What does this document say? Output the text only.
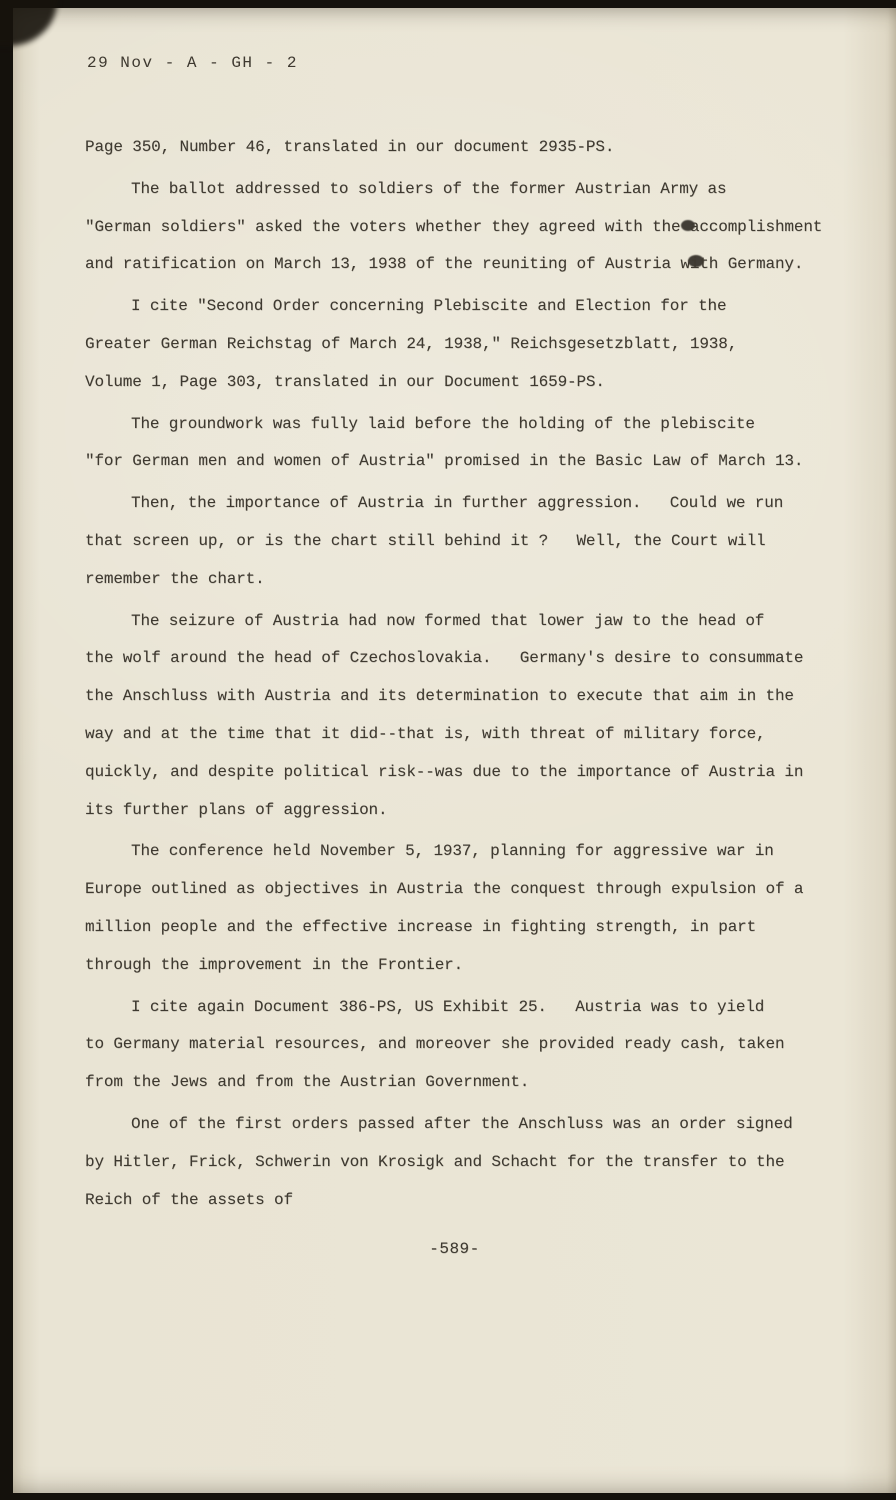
29 Nov - A - GH - 2
Page 350, Number 46, translated in our document 2935-PS.
The ballot addressed to soldiers of the former Austrian Army as
"German soldiers" asked the voters whether they agreed with the accomplishment
and ratification on March 13, 1938 of the reuniting of Austria with Germany.
I cite "Second Order concerning Plebiscite and Election for the
Greater German Reichstag of March 24, 1938," Reichsgesetzblatt, 1938,
Volume 1, Page 303, translated in our Document 1659-PS.
The groundwork was fully laid before the holding of the plebiscite
"for German men and women of Austria" promised in the Basic Law of March 13.
Then, the importance of Austria in further aggression.   Could we run
that screen up, or is the chart still behind it ?   Well, the Court will
remember the chart.
The seizure of Austria had now formed that lower jaw to the head of
the wolf around the head of Czechoslovakia.   Germany's desire to consummate
the Anschluss with Austria and its determination to execute that aim in the
way and at the time that it did--that is, with threat of military force,
quickly, and despite political risk--was due to the importance of Austria in
its further plans of aggression.
The conference held November 5, 1937, planning for aggressive war in
Europe outlined as objectives in Austria the conquest through expulsion of a
million people and the effective increase in fighting strength, in part
through the improvement in the Frontier.
I cite again Document 386-PS, US Exhibit 25.   Austria was to yield
to Germany material resources, and moreover she provided ready cash, taken
from the Jews and from the Austrian Government.
One of the first orders passed after the Anschluss was an order signed
by Hitler, Frick, Schwerin von Krosigk and Schacht for the transfer to the
Reich of the assets of
-589-
